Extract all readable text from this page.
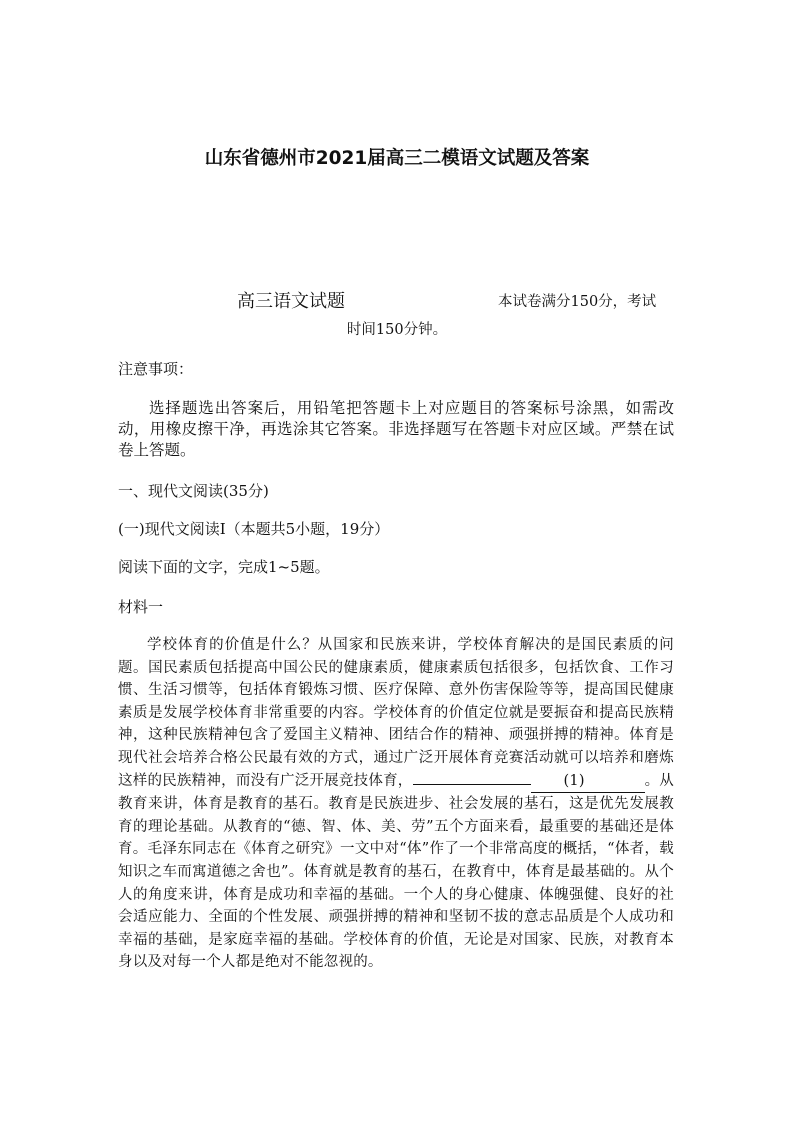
山东省德州市2021届高三二模语文试题及答案
高三语文试题	本试卷满分150分，考试
时间150分钟。
注意事项：
选择题选出答案后，用铅笔把答题卡上对应题目的答案标号涂黑，如需改动，用橡皮擦干净，再选涂其它答案。非选择题写在答题卡对应区域。严禁在试卷上答题。
一、现代文阅读(35分)
(一)现代文阅读Ⅰ（本题共5小题，19分）
阅读下面的文字，完成1~5题。
材料一
学校体育的价值是什么？从国家和民族来讲，学校体育解决的是国民素质的问题。国民素质包括提高中国公民的健康素质，健康素质包括很多，包括饮食、工作习惯、生活习惯等，包括体育锻炼习惯、医疗保障、意外伤害保险等等，提高国民健康素质是发展学校体育非常重要的内容。学校体育的价值定位就是要振奋和提高民族精神，这种民族精神包含了爱国主义精神、团结合作的精神、顽强拼搏的精神。体育是现代社会培养合格公民最有效的方式，通过广泛开展体育竞赛活动就可以培养和磨炼这样的民族精神，而没有广泛开展竞技体育，	(1)	。从教育来讲，体育是教育的基石。教育是民族进步、社会发展的基石，这是优先发展教育的理论基础。从教育的“德、智、体、美、劳”五个方面来看，最重要的基础还是体育。毛泽东同志在《体育之研究》一文中对“体”作了一个非常高度的概括，“体者，载知识之车而寓道德之舍也”。体育就是教育的基石，在教育中，体育是最基础的。从个人的角度来讲，体育是成功和幸福的基础。一个人的身心健康、体魄强健、良好的社会适应能力、全面的个性发展、顽强拼搏的精神和坚韧不拔的意志品质是个人成功和幸福的基础，是家庭幸福的基础。学校体育的价值，无论是对国家、民族，对教育本身以及对每一个人都是绝对不能忽视的。
